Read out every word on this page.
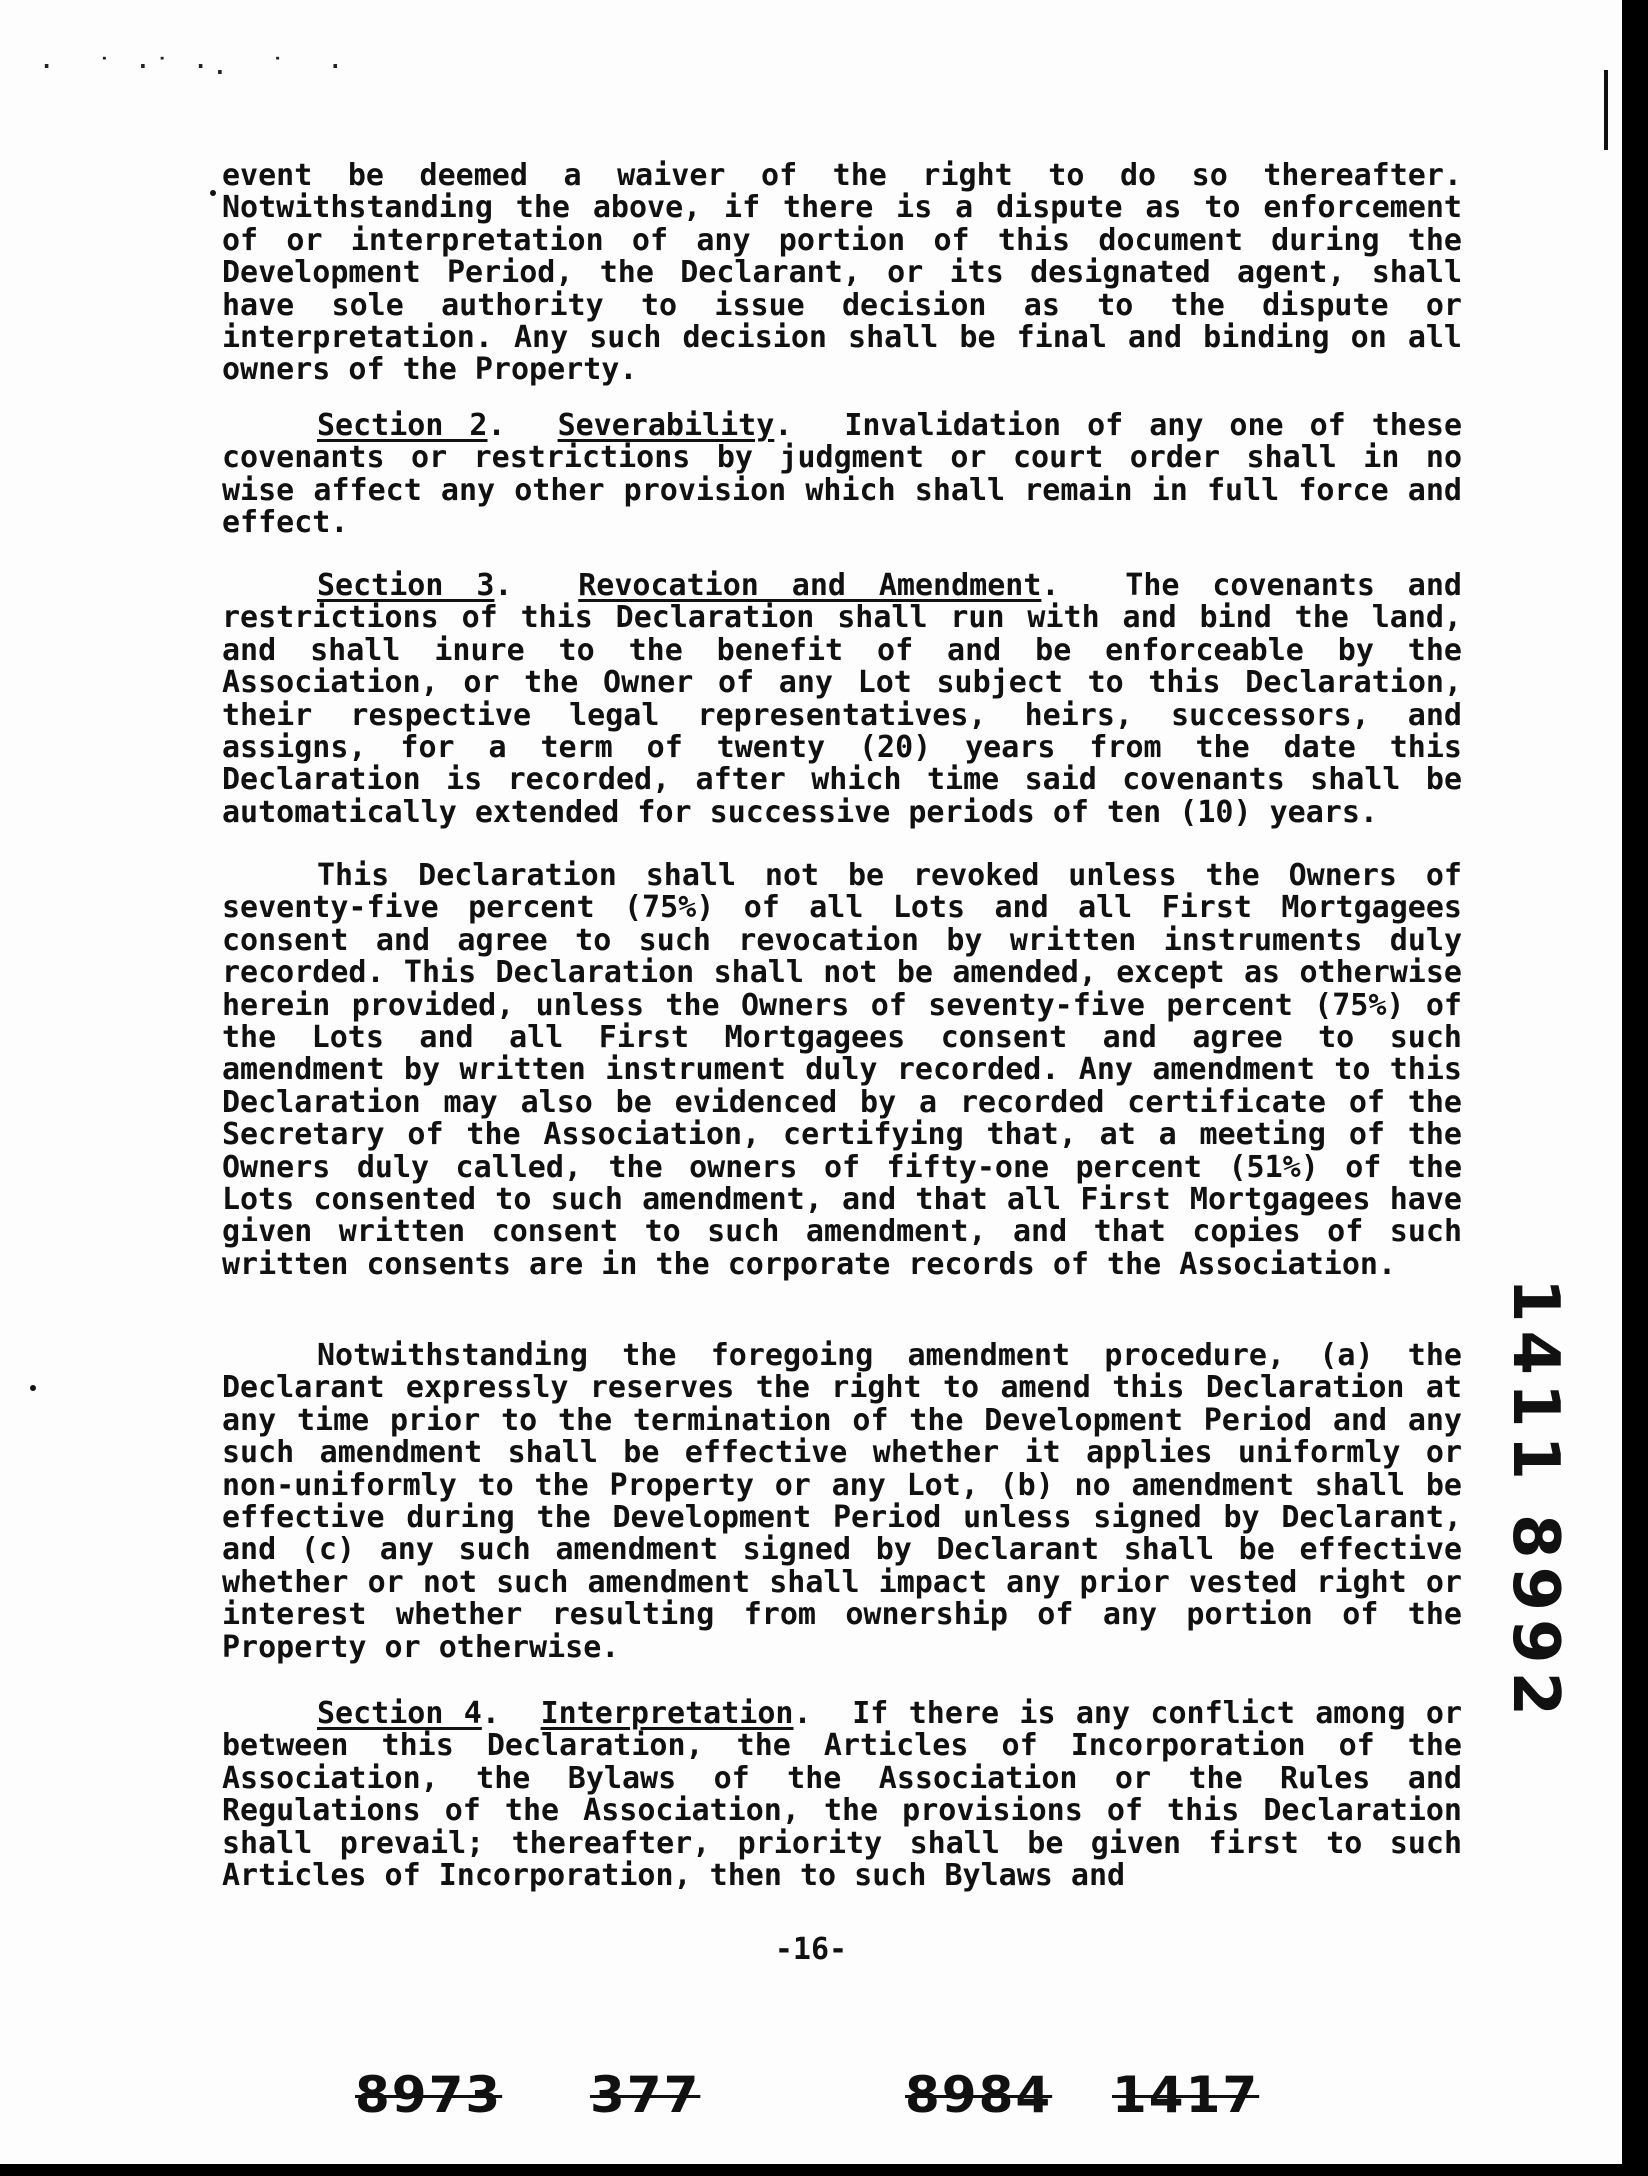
·  ˙ ·˙ ·.  ˙  ·

event be deemed a waiver of the right to do so thereafter. Notwithstanding the above, if there is a dispute as to enforcement of or interpretation of any portion of this document during the Development Period, the Declarant, or its designated agent, shall have sole authority to issue decision as to the dispute or interpretation. Any such decision shall be final and binding on all owners of the Property.

Section 2.  Severability.  Invalidation of any one of these covenants or restrictions by judgment or court order shall in no wise affect any other provision which shall remain in full force and effect.

Section 3.  Revocation and Amendment.  The covenants and restrictions of this Declaration shall run with and bind the land, and shall inure to the benefit of and be enforceable by the Association, or the Owner of any Lot subject to this Declaration, their respective legal representatives, heirs, successors, and assigns, for a term of twenty (20) years from the date this Declaration is recorded, after which time said covenants shall be automatically extended for successive periods of ten (10) years.

This Declaration shall not be revoked unless the Owners of seventy-five percent (75%) of all Lots and all First Mortgagees consent and agree to such revocation by written instruments duly recorded. This Declaration shall not be amended, except as otherwise herein provided, unless the Owners of seventy-five percent (75%) of the Lots and all First Mortgagees consent and agree to such amendment by written instrument duly recorded. Any amendment to this Declaration may also be evidenced by a recorded certificate of the Secretary of the Association, certifying that, at a meeting of the Owners duly called, the owners of fifty-one percent (51%) of the Lots consented to such amendment, and that all First Mortgagees have given written consent to such amendment, and that copies of such written consents are in the corporate records of the Association.

Notwithstanding the foregoing amendment procedure, (a) the Declarant expressly reserves the right to amend this Declaration at any time prior to the termination of the Development Period and any such amendment shall be effective whether it applies uniformly or non-uniformly to the Property or any Lot, (b) no amendment shall be effective during the Development Period unless signed by Declarant, and (c) any such amendment signed by Declarant shall be effective whether or not such amendment shall impact any prior vested right or interest whether resulting from ownership of any portion of the Property or otherwise.

Section 4.  Interpretation.  If there is any conflict among or between this Declaration, the Articles of Incorporation of the Association, the Bylaws of the Association or the Rules and Regulations of the Association, the provisions of this Declaration shall prevail; thereafter, priority shall be given first to such Articles of Incorporation, then to such Bylaws and

1411
8992
-16-
8973 377	8984 1417
